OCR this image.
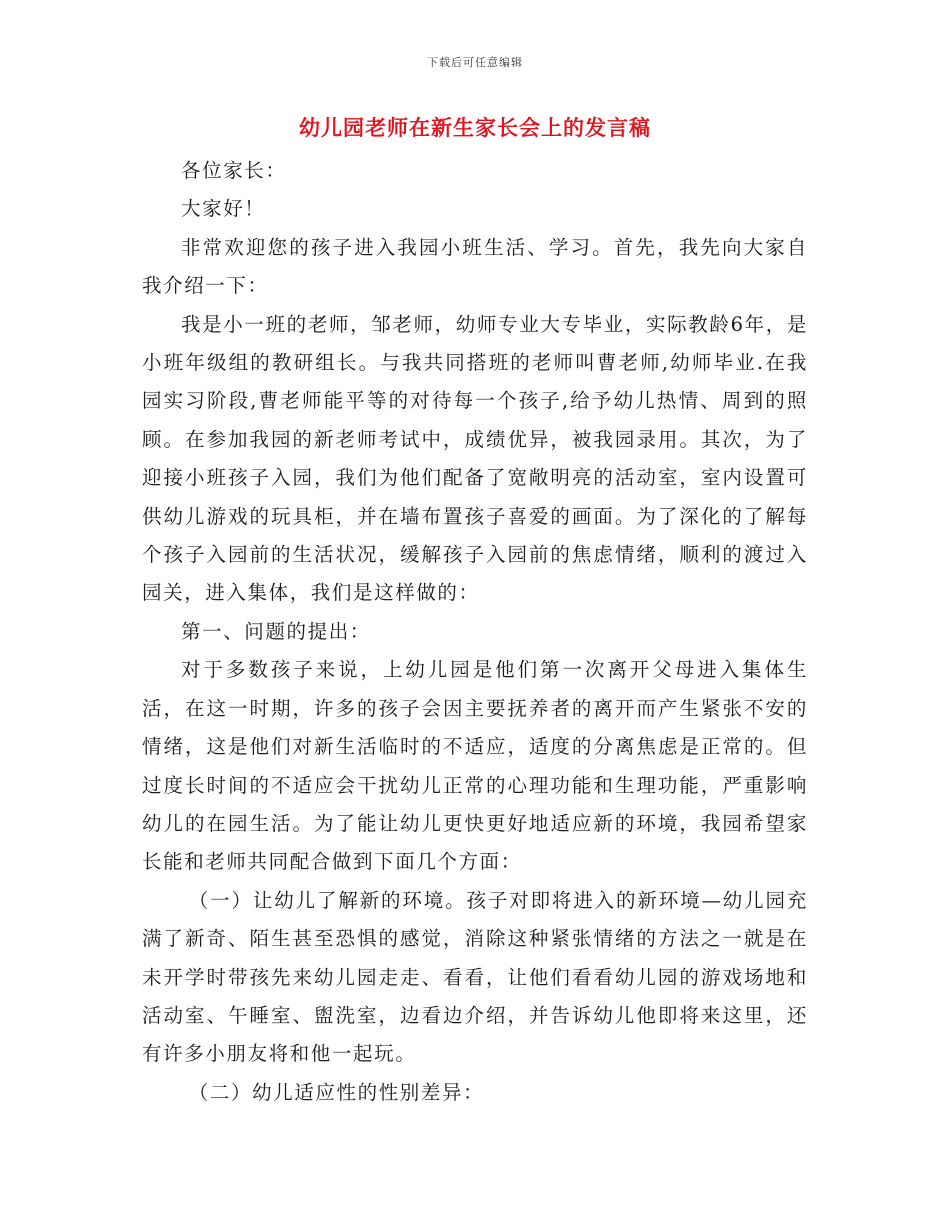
下载后可任意编辑
幼儿园老师在新生家长会上的发言稿

各位家长：

大家好！

非常欢迎您的孩子进入我园小班生活、学习。首先，我先向大家自我介绍一下：

我是小一班的老师，邹老师，幼师专业大专毕业，实际教龄6年，是小班年级组的教研组长。与我共同搭班的老师叫曹老师,幼师毕业.在我园实习阶段,曹老师能平等的对待每一个孩子,给予幼儿热情、周到的照顾。在参加我园的新老师考试中，成绩优异，被我园录用。其次，为了迎接小班孩子入园，我们为他们配备了宽敞明亮的活动室，室内设置可供幼儿游戏的玩具柜，并在墙布置孩子喜爱的画面。为了深化的了解每个孩子入园前的生活状况，缓解孩子入园前的焦虑情绪，顺利的渡过入园关，进入集体，我们是这样做的：

第一、问题的提出：

对于多数孩子来说，上幼儿园是他们第一次离开父母进入集体生活，在这一时期，许多的孩子会因主要抚养者的离开而产生紧张不安的情绪，这是他们对新生活临时的不适应，适度的分离焦虑是正常的。但过度长时间的不适应会干扰幼儿正常的心理功能和生理功能，严重影响幼儿的在园生活。为了能让幼儿更快更好地适应新的环境，我园希望家长能和老师共同配合做到下面几个方面：

（一）让幼儿了解新的环境。孩子对即将进入的新环境—幼儿园充满了新奇、陌生甚至恐惧的感觉，消除这种紧张情绪的方法之一就是在未开学时带孩先来幼儿园走走、看看，让他们看看幼儿园的游戏场地和活动室、午睡室、盥洗室，边看边介绍，并告诉幼儿他即将来这里，还有许多小朋友将和他一起玩。

（二）幼儿适应性的性别差异：
